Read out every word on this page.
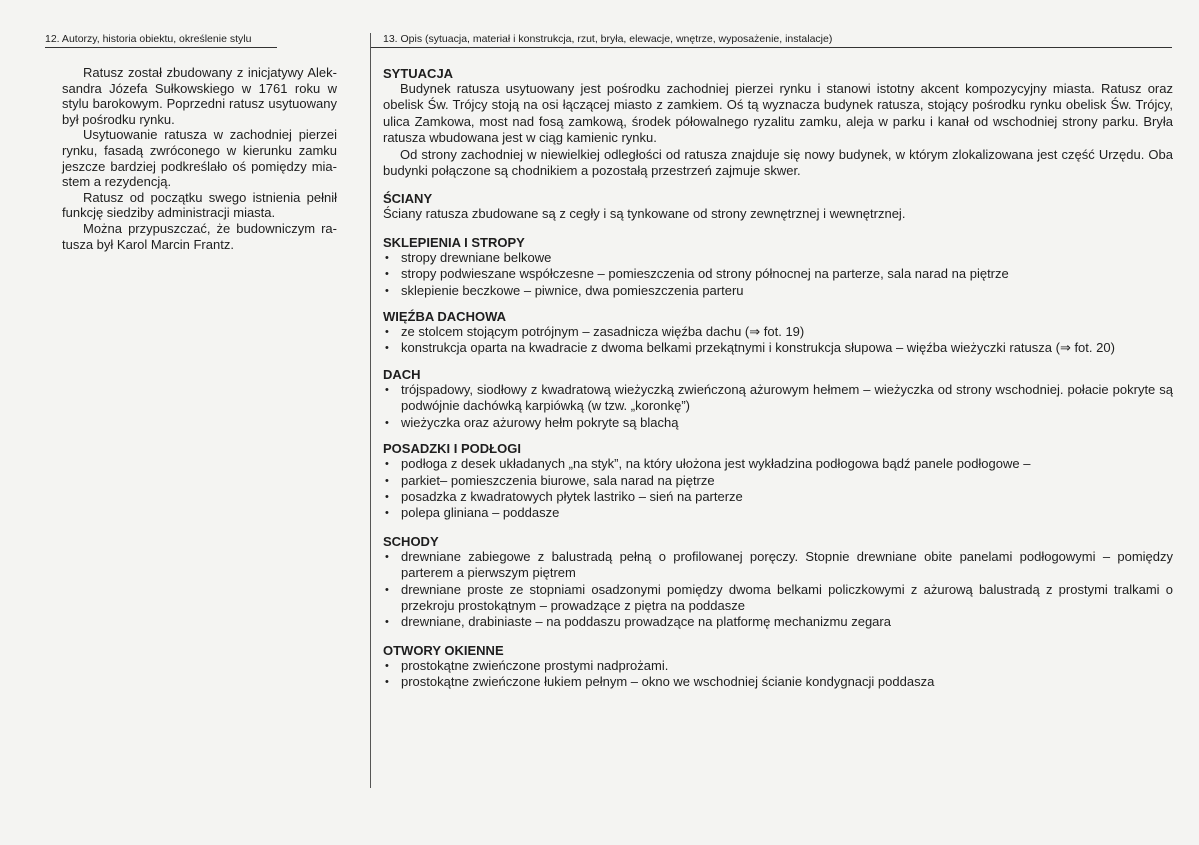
12. Autorzy, historia obiektu, określenie stylu

Ratusz został zbudowany z inicjatywy Aleksandra Józefa Sułkowskiego w 1761 roku w stylu barokowym. Poprzedni ratusz usytuowany był pośrodku rynku.

Usytuowanie ratusza w zachodniej pierzei rynku, fasadą zwróconego w kierunku zamku jeszcze bardziej podkreślało oś pomiędzy miastem a rezydencją.

Ratusz od początku swego istnienia pełnił funkcję siedziby administracji miasta.

Można przypuszczać, że budowniczym ratusza był Karol Marcin Frantz.

13. Opis (sytuacja, materiał i konstrukcja, rzut, bryła, elewacje, wnętrze, wyposażenie, instalacje)

SYTUACJA

Budynek ratusza usytuowany jest pośrodku zachodniej pierzei rynku i stanowi istotny akcent kompozycyjny miasta. Ratusz oraz obelisk Św. Trójcy stoją na osi łączącej miasto z zamkiem. Oś tą wyznacza budynek ratusza, stojący pośrodku rynku obelisk Św. Trójcy, ulica Zamkowa, most nad fosą zamkową, środek półowalnego ryzalitu zamku, aleja w parku i kanał od wschodniej strony parku. Bryła ratusza wbudowana jest w ciąg kamienic rynku.

Od strony zachodniej w niewielkiej odległości od ratusza znajduje się nowy budynek, w którym zlokalizowana jest część Urzędu. Oba budynki połączone są chodnikiem a pozostałą przestrzeń zajmuje skwer.

ŚCIANY

Ściany ratusza zbudowane są z cegły i są tynkowane od strony zewnętrznej i wewnętrznej.

SKLEPIENIA I STROPY

• stropy drewniane belkowe
• stropy podwieszane współczesne – pomieszczenia od strony północnej na parterze, sala narad na piętrze
• sklepienie beczkowe – piwnice, dwa pomieszczenia parteru

WIĘŹBA DACHOWA

• ze stolcem stojącym potrójnym – zasadnicza więźba dachu (⇒ fot. 19)
• konstrukcja oparta na kwadracie z dwoma belkami przekątnymi i konstrukcja słupowa – więźba wieżyczki ratusza (⇒ fot. 20)

DACH

• trójspadowy, siodłowy z kwadratową wieżyczką zwieńczoną ażurowym hełmem – wieżyczka od strony wschodniej. połacie pokryte są podwójnie dachówką karpiówką (w tzw. „koronkę”)
• wieżyczka oraz ażurowy hełm pokryte są blachą

POSADZKI I PODŁOGI

• podłoga z desek układanych „na styk”, na który ułożona jest wykładzina podłogowa bądź panele podłogowe –
• parkiet– pomieszczenia biurowe, sala narad na piętrze
• posadzka z kwadratowych płytek lastriko – sień na parterze
• polepa gliniana – poddasze

SCHODY

• drewniane zabiegowe z balustradą pełną o profilowanej poręczy. Stopnie drewniane obite panelami podłogowymi – pomiędzy parterem a pierwszym piętrem
• drewniane proste ze stopniami osadzonymi pomiędzy dwoma belkami policzkowymi z ażurową balustradą z prostymi tralkami o przekroju prostokątnym – prowadzące z piętra na poddasze
• drewniane, drabiniaste – na poddaszu prowadzące na platformę mechanizmu zegara

OTWORY OKIENNE

• prostokątne zwieńczone prostymi nadprożami.
• prostokątne zwieńczone łukiem pełnym – okno we wschodniej ścianie kondygnacji poddasza
